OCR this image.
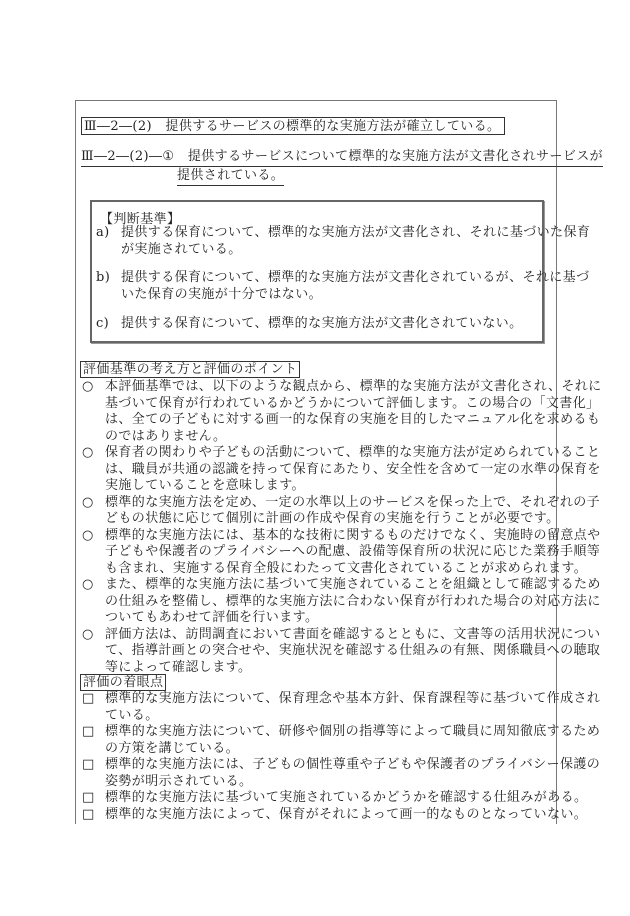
Ⅲ―2―(2)　提供するサービスの標準的な実施方法が確立している。
Ⅲ―2―(2)―①　提供するサービスについて標準的な実施方法が文書化されサービスが
提供されている。
【判断基準】
a) 提供する保育について、標準的な実施方法が文書化され、それに基づいた保育
が実施されている。
b) 提供する保育について、標準的な実施方法が文書化されているが、それに基づ
いた保育の実施が十分ではない。
c) 提供する保育について、標準的な実施方法が文書化されていない。
評価基準の考え方と評価のポイント
○ 本評価基準では、以下のような観点から、標準的な実施方法が文書化され、それに
基づいて保育が行われているかどうかについて評価します。この場合の「文書化」
は、全ての子どもに対する画一的な保育の実施を目的したマニュアル化を求めるも
のではありません。
○ 保育者の関わりや子どもの活動について、標準的な実施方法が定められていること
は、職員が共通の認識を持って保育にあたり、安全性を含めて一定の水準の保育を
実施していることを意味します。
○ 標準的な実施方法を定め、一定の水準以上のサービスを保った上で、それぞれの子
どもの状態に応じて個別に計画の作成や保育の実施を行うことが必要です。
○ 標準的な実施方法には、基本的な技術に関するものだけでなく、実施時の留意点や
子どもや保護者のプライバシーへの配慮、設備等保育所の状況に応じた業務手順等
も含まれ、実施する保育全般にわたって文書化されていることが求められます。
○ また、標準的な実施方法に基づいて実施されていることを組織として確認するため
の仕組みを整備し、標準的な実施方法に合わない保育が行われた場合の対応方法に
ついてもあわせて評価を行います。
○ 評価方法は、訪問調査において書面を確認するとともに、文書等の活用状況につい
て、指導計画との突合せや、実施状況を確認する仕組みの有無、関係職員への聴取
等によって確認します。
評価の着眼点
□ 標準的な実施方法について、保育理念や基本方針、保育課程等に基づいて作成され
ている。
□ 標準的な実施方法について、研修や個別の指導等によって職員に周知徹底するため
の方策を講じている。
□ 標準的な実施方法には、子どもの個性尊重や子どもや保護者のプライバシー保護の
姿勢が明示されている。
□ 標準的な実施方法に基づいて実施されているかどうかを確認する仕組みがある。
□ 標準的な実施方法によって、保育がそれによって画一的なものとなっていない。
